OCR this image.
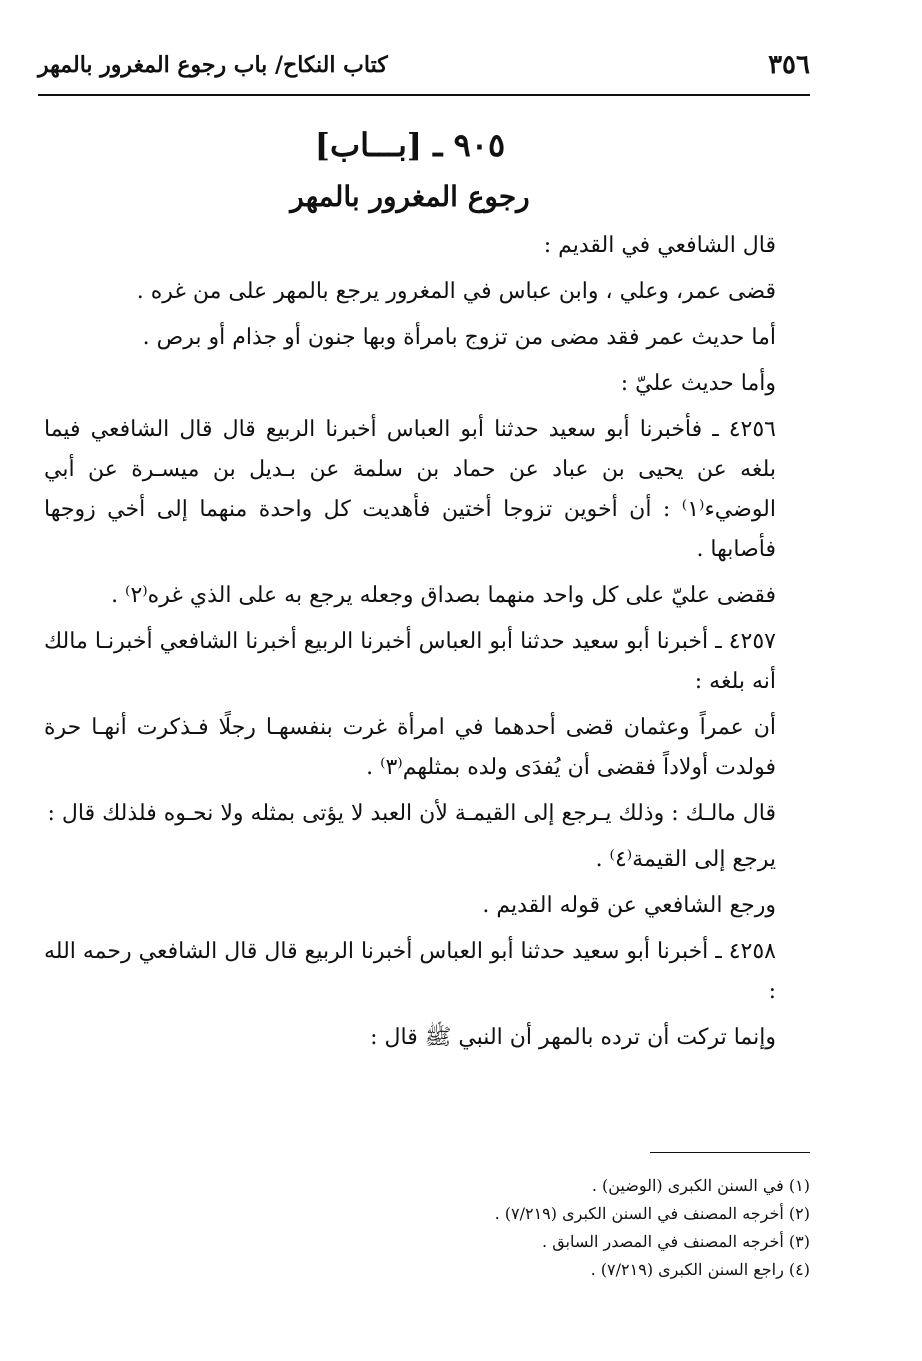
٣٥٦
كتاب النكاح/ باب رجوع المغرور بالمهر
٩٠٥ ـ [بـــاب]
رجوع المغرور بالمهر

قال الشافعي في القديم :

قضى عمر، وعلي ، وابن عباس في المغرور يرجع بالمهر على من غره .

أما حديث عمر فقد مضى من تزوج بامرأة وبها جنون أو جذام أو برص .

وأما حديث عليّ :

٤٢٥٦ ـ فأخبرنا أبو سعيد حدثنا أبو العباس أخبرنا الربيع قال قال الشافعي فيما بلغه عن يحيى بن عباد عن حماد بن سلمة عن بـديل بن ميسـرة عن أبي الوضيء⁽١⁾ : أن أخوين تزوجا أختين فأهديت كل واحدة منهما إلى أخي زوجها فأصابها .

فقضى عليّ على كل واحد منهما بصداق وجعله يرجع به على الذي غره⁽٢⁾ .

٤٢٥٧ ـ أخبرنا أبو سعيد حدثنا أبو العباس أخبرنا الربيع أخبرنا الشافعي أخبرنـا مالك أنه بلغه :

أن عمراً وعثمان قضى أحدهما في امرأة غرت بنفسهـا رجلًا فـذكرت أنهـا حرة فولدت أولاداً فقضى أن يُفدَى ولده بمثلهم⁽٣⁾ .

قال مالـك : وذلك يـرجع إلى القيمـة لأن العبد لا يؤتى بمثله ولا نحـوه فلذلك قال :

يرجع إلى القيمة⁽٤⁾ .

ورجع الشافعي عن قوله القديم .

٤٢٥٨ ـ أخبرنا أبو سعيد حدثنا أبو العباس أخبرنا الربيع قال قال الشافعي رحمه الله :

وإنما تركت أن ترده بالمهر أن النبي ﷺ قال :

(١) في السنن الكبرى (الوضين) .

(٢) أخرجه المصنف في السنن الكبرى (٧/٢١٩) .

(٣) أخرجه المصنف في المصدر السابق .

(٤) راجع السنن الكبرى (٧/٢١٩) .
